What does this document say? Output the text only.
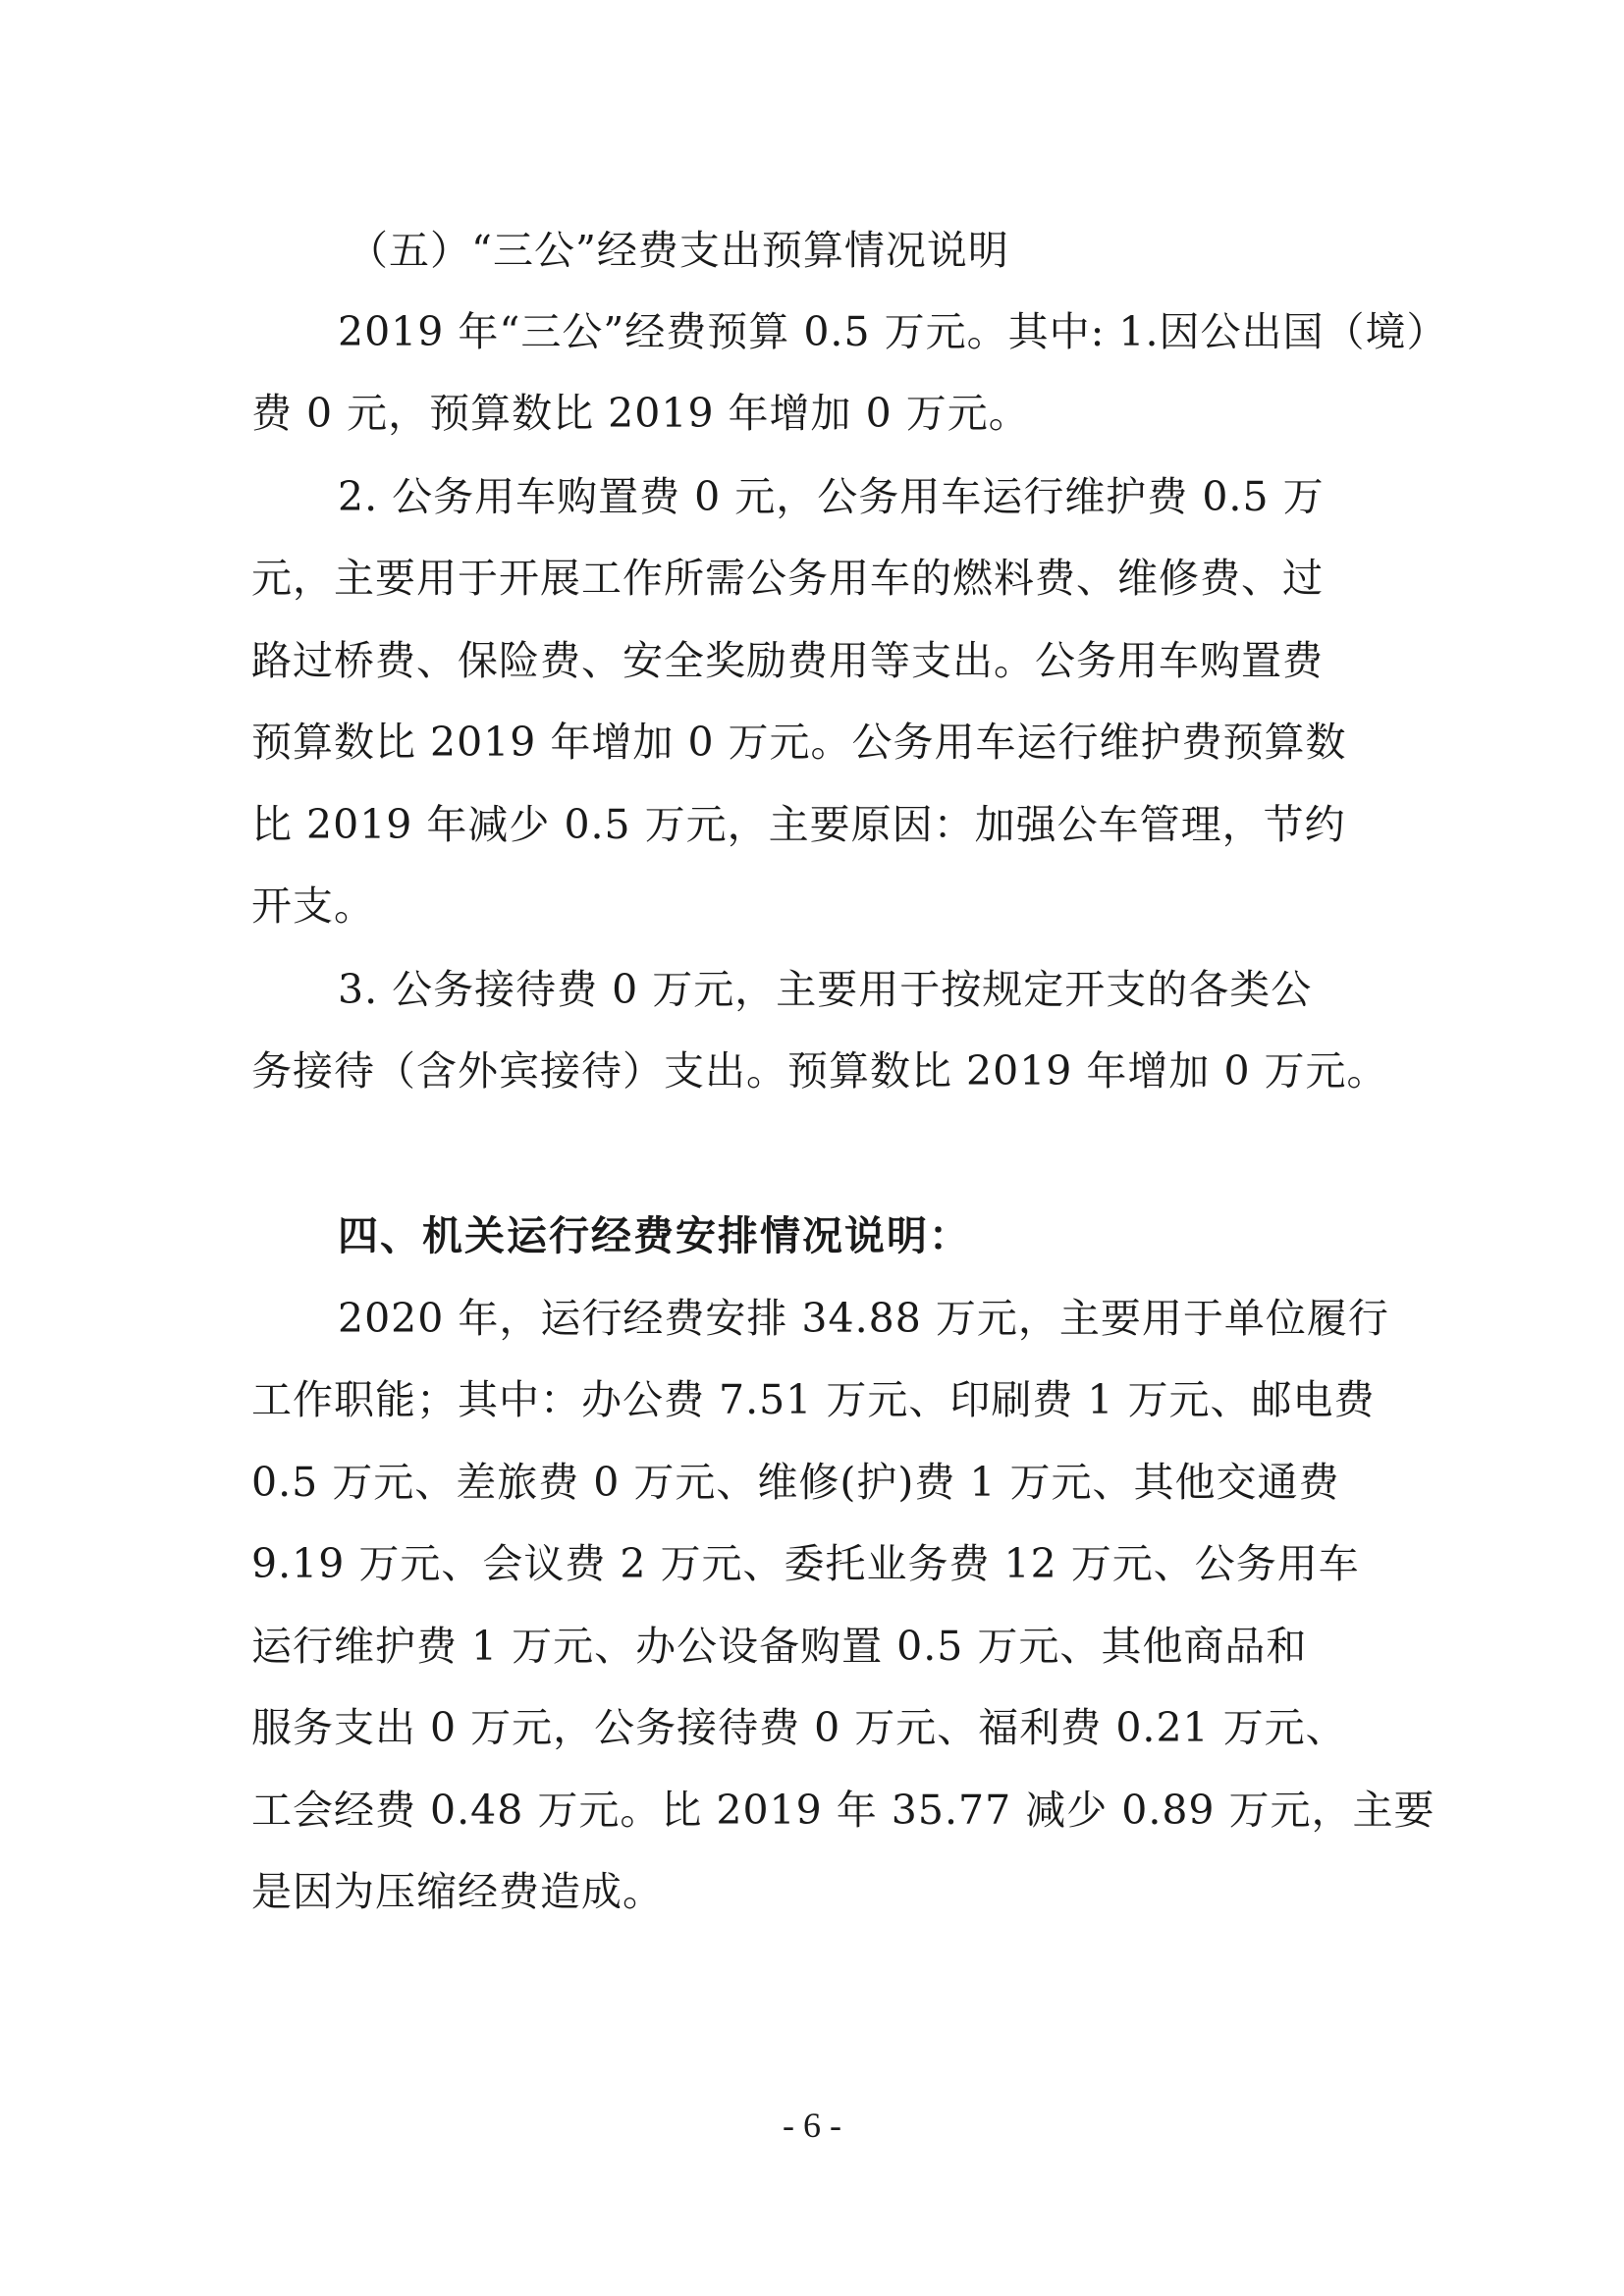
（五）“三公”经费支出预算情况说明
2019 年“三公”经费预算 0.5 万元。其中: 1.因公出国（境）
费 0 元，预算数比 2019 年增加 0 万元。
2. 公务用车购置费 0 元，公务用车运行维护费 0.5 万
元，主要用于开展工作所需公务用车的燃料费、维修费、过
路过桥费、保险费、安全奖励费用等支出。公务用车购置费
预算数比 2019 年增加 0 万元。公务用车运行维护费预算数
比 2019 年减少 0.5 万元，主要原因：加强公车管理，节约
开支。
3. 公务接待费 0 万元，主要用于按规定开支的各类公
务接待（含外宾接待）支出。预算数比 2019 年增加 0 万元。
四、机关运行经费安排情况说明：
2020 年，运行经费安排 34.88 万元，主要用于单位履行
工作职能；其中：办公费 7.51 万元、印刷费 1 万元、邮电费
0.5 万元、差旅费 0 万元、维修(护)费 1 万元、其他交通费
9.19 万元、会议费 2 万元、委托业务费 12 万元、公务用车
运行维护费 1 万元、办公设备购置 0.5 万元、其他商品和
服务支出 0 万元，公务接待费 0 万元、福利费 0.21 万元、
工会经费 0.48 万元。比 2019 年 35.77 减少 0.89 万元，主要
是因为压缩经费造成。
- 6 -
